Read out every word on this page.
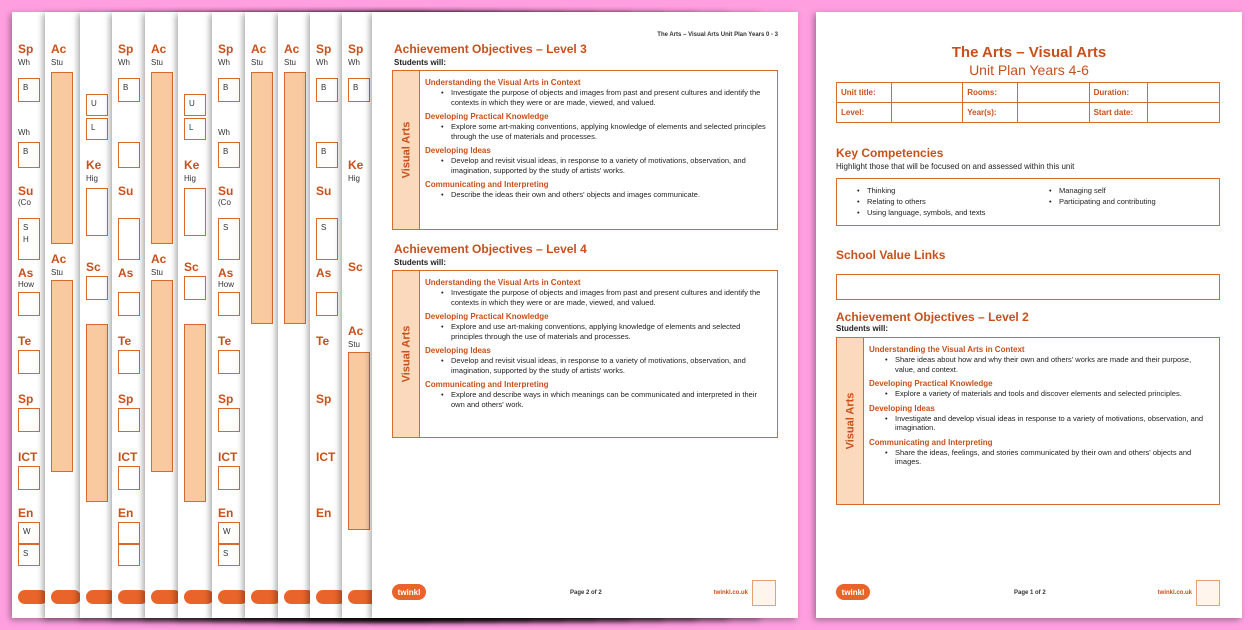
Sp
Wh
B
Wh
B
Su
(Co
S
H
As
How
Te
Sp
ICT
En
W
S
Ac
Stu
Ac
Stu
U
L
Ke
Hig
Sc
Sp
Wh
B
Su
As
Te
Sp
ICT
En
Ac
Stu
Ac
Stu
U
L
Ke
Hig
Sc
Sp
Wh
B
Wh
B
Su
(Co
S
As
How
Te
Sp
ICT
En
W
S
Ac
Stu
Ac
Stu
Sp
Wh
B
B
Su
S
As
Te
Sp
ICT
En
Sp
Wh
B
Ke
Hig
Sc
Ac
Stu
The Arts – Visual Arts Unit Plan Years 0 - 3
Achievement Objectives – Level 3
Students will:
Visual Arts
Understanding the Visual Arts in Context
• Investigate the purpose of objects and images from past and present cultures and identify the contexts in which they were or are made, viewed, and valued.
Developing Practical Knowledge
• Explore some art-making conventions, applying knowledge of elements and selected principles through the use of materials and processes.
Developing Ideas
• Develop and revisit visual ideas, in response to a variety of motivations, observation, and imagination, supported by the study of artists' works.
Communicating and Interpreting
• Describe the ideas their own and others' objects and images communicate.
Achievement Objectives – Level 4
Students will:
Visual Arts
Understanding the Visual Arts in Context
• Investigate the purpose of objects and images from past and present cultures and identify the contexts in which they were or are made, viewed, and valued.
Developing Practical Knowledge
• Explore and use art-making conventions, applying knowledge of elements and selected principles through the use of materials and processes.
Developing Ideas
• Develop and revisit visual ideas, in response to a variety of motivations, observation, and imagination, supported by the study of artists' works.
Communicating and Interpreting
• Explore and describe ways in which meanings can be communicated and interpreted in their own and others' work.
twinkl	Page 2 of 2	twinkl.co.uk
The Arts – Visual Arts
Unit Plan Years 4-6
Unit title:		Rooms:		Duration:	
Level:		Year(s):		Start date:	
Key Competencies
Highlight those that will be focused on and assessed within this unit
• Thinking
• Relating to others
• Using language, symbols, and texts
• Managing self
• Participating and contributing
School Value Links
Achievement Objectives – Level 2
Students will:
Visual Arts
Understanding the Visual Arts in Context
• Share ideas about how and why their own and others' works are made and their purpose, value, and context.
Developing Practical Knowledge
• Explore a variety of materials and tools and discover elements and selected principles.
Developing Ideas
• Investigate and develop visual ideas in response to a variety of motivations, observation, and imagination.
Communicating and Interpreting
• Share the ideas, feelings, and stories communicated by their own and others' objects and images.
twinkl	Page 1 of 2	twinkl.co.uk
